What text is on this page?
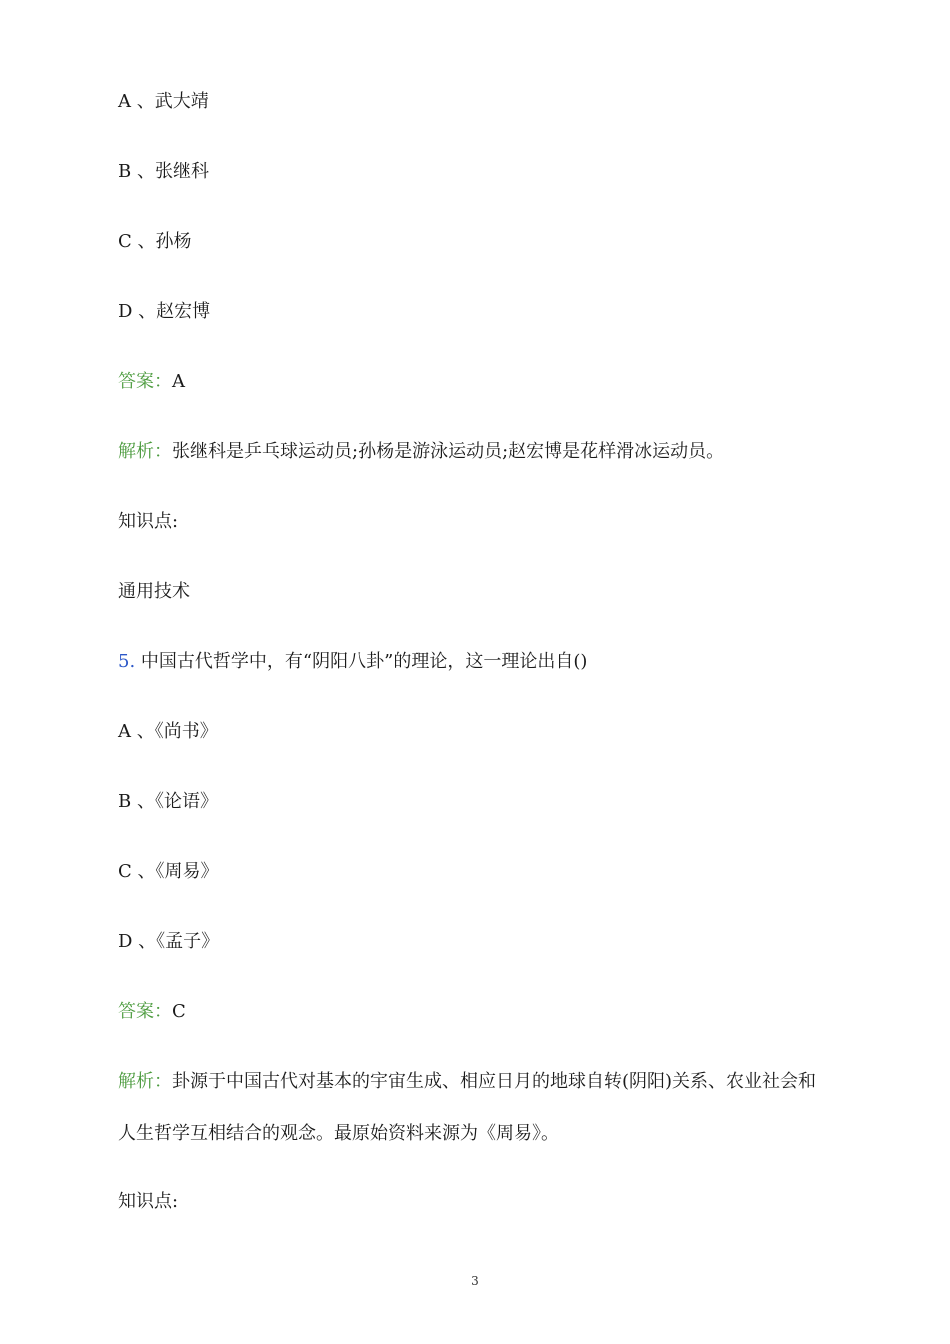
A 、武大靖
B 、张继科
C 、孙杨
D 、赵宏博
答案：A
解析：张继科是乒乓球运动员;孙杨是游泳运动员;赵宏博是花样滑冰运动员。
知识点:
通用技术
5. 中国古代哲学中，有“阴阳八卦”的理论，这一理论出自()
A 、《尚书》
B 、《论语》
C 、《周易》
D 、《孟子》
答案：C
解析：卦源于中国古代对基本的宇宙生成、相应日月的地球自转(阴阳)关系、农业社会和人生哲学互相结合的观念。最原始资料来源为《周易》。
知识点:
3
